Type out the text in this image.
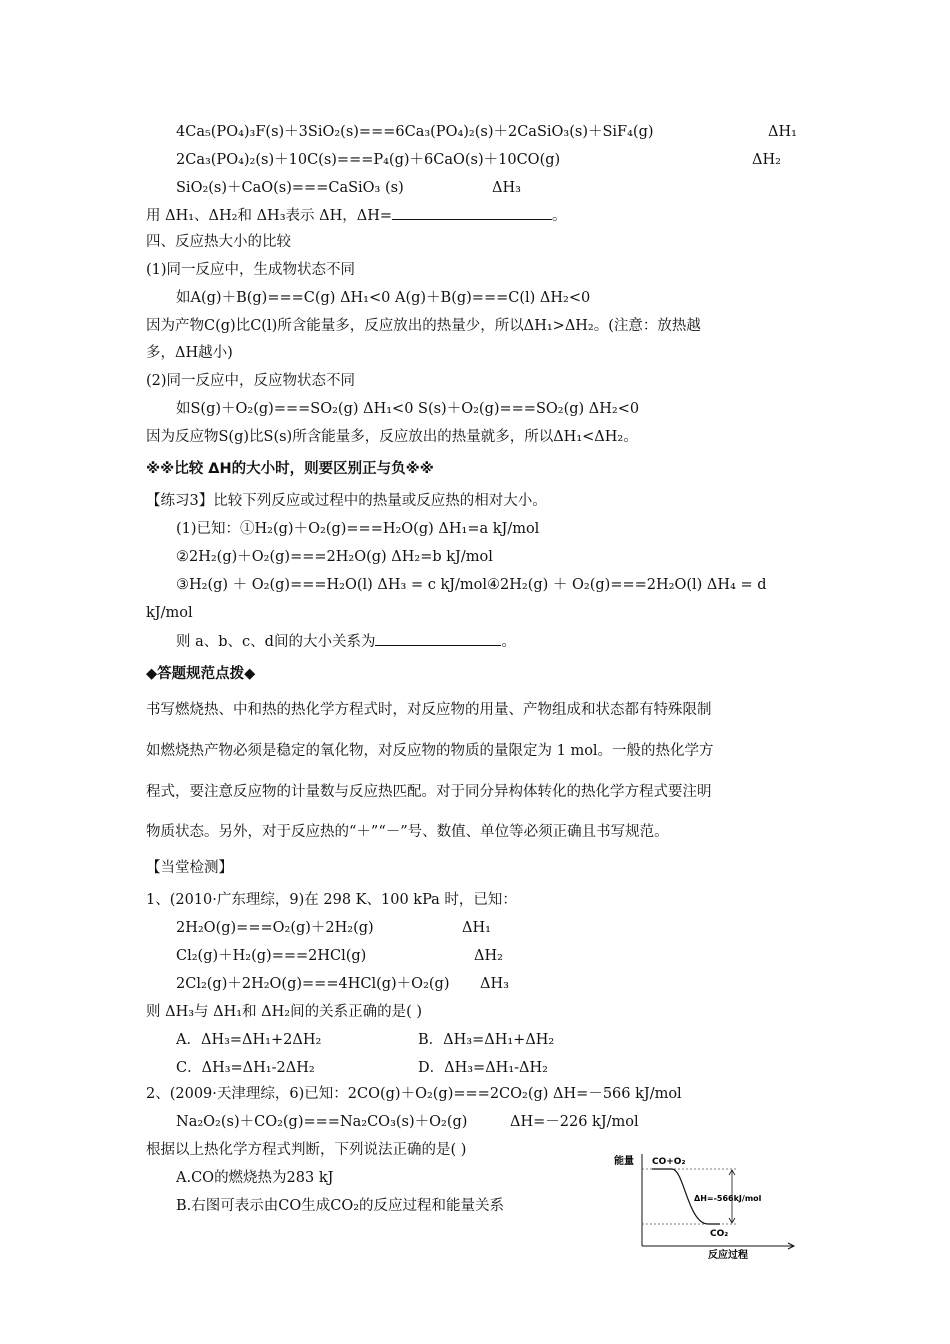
4Ca₅(PO₄)₃F(s)＋3SiO₂(s)===6Ca₃(PO₄)₂(s)＋2CaSiO₃(s)＋SiF₄(g)	ΔH₁
2Ca₃(PO₄)₂(s)＋10C(s)===P₄(g)＋6CaO(s)＋10CO(g)	ΔH₂
SiO₂(s)＋CaO(s)===CaSiO₃ (s)	ΔH₃
用 ΔH₁、ΔH₂和 ΔH₃表示 ΔH，ΔH=	。
四、反应热大小的比较
(1)同一反应中，生成物状态不同
如A(g)＋B(g)===C(g) ΔH₁<0 A(g)＋B(g)===C(l) ΔH₂<0
因为产物C(g)比C(l)所含能量多，反应放出的热量少，所以ΔH₁>ΔH₂。(注意：放热越
多，ΔH越小)
(2)同一反应中，反应物状态不同
如S(g)＋O₂(g)===SO₂(g) ΔH₁<0 S(s)＋O₂(g)===SO₂(g) ΔH₂<0
因为反应物S(g)比S(s)所含能量多，反应放出的热量就多，所以ΔH₁<ΔH₂。
※※比较 ΔH的大小时，则要区别正与负※※
【练习3】比较下列反应或过程中的热量或反应热的相对大小。
(1)已知：①H₂(g)＋O₂(g)===H₂O(g) ΔH₁=a kJ/mol
②2H₂(g)＋O₂(g)===2H₂O(g) ΔH₂=b kJ/mol
③H₂(g) ＋ O₂(g)===H₂O(l) ΔH₃ = c kJ/mol④2H₂(g) ＋ O₂(g)===2H₂O(l) ΔH₄ = d
kJ/mol
则 a、b、c、d间的大小关系为	。
◆答题规范点拨◆
书写燃烧热、中和热的热化学方程式时，对反应物的用量、产物组成和状态都有特殊限制
如燃烧热产物必须是稳定的氧化物，对反应物的物质的量限定为 1 mol。一般的热化学方
程式，要注意反应物的计量数与反应热匹配。对于同分异构体转化的热化学方程式要注明
物质状态。另外，对于反应热的“＋”“－”号、数值、单位等必须正确且书写规范。
【当堂检测】
1、(2010·广东理综，9)在 298 K、100 kPa 时，已知：
2H₂O(g)===O₂(g)＋2H₂(g)	ΔH₁
Cl₂(g)＋H₂(g)===2HCl(g)	ΔH₂
2Cl₂(g)＋2H₂O(g)===4HCl(g)＋O₂(g) ΔH₃
则 ΔH₃与 ΔH₁和 ΔH₂间的关系正确的是( )
A．ΔH₃=ΔH₁+2ΔH₂	B．ΔH₃=ΔH₁+ΔH₂
C．ΔH₃=ΔH₁-2ΔH₂	D．ΔH₃=ΔH₁-ΔH₂
2、(2009·天津理综，6)已知：2CO(g)＋O₂(g)===2CO₂(g) ΔH=－566 kJ/mol
Na₂O₂(s)＋CO₂(g)===Na₂CO₃(s)＋O₂(g)	ΔH=－226 kJ/mol
根据以上热化学方程式判断，下列说法正确的是( )
A.CO的燃烧热为283 kJ
B.右图可表示由CO生成CO₂的反应过程和能量关系
能量 CO+O₂
ΔH=-566kJ/mol
CO₂
反应过程
